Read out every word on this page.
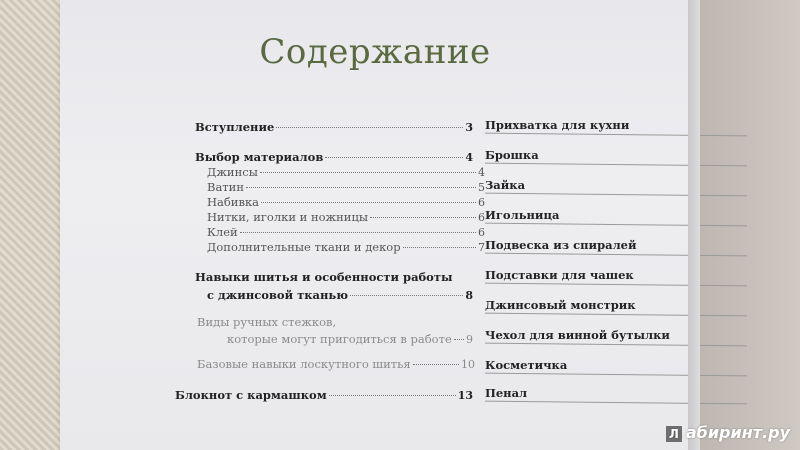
Содержание
Вступление	3
Выбор материалов	4
Джинсы	4
Ватин	5
Набивка	6
Нитки, иголки и ножницы	6
Клей	6
Дополнительные ткани и декор	7
Навыки шитья и особенности работы
с джинсовой тканью	8
Виды ручных стежков,
которые могут пригодиться в работе 9
Базовые навыки лоскутного шитья	10
Блокнот с кармашком	13
Прихватка для кухни
Брошка
Зайка
Игольница
Подвеска из спиралей
Подставки для чашек
Джинсовый монстрик
Чехол для винной бутылки
Косметичка
Пенал
Л абиринт.ру
